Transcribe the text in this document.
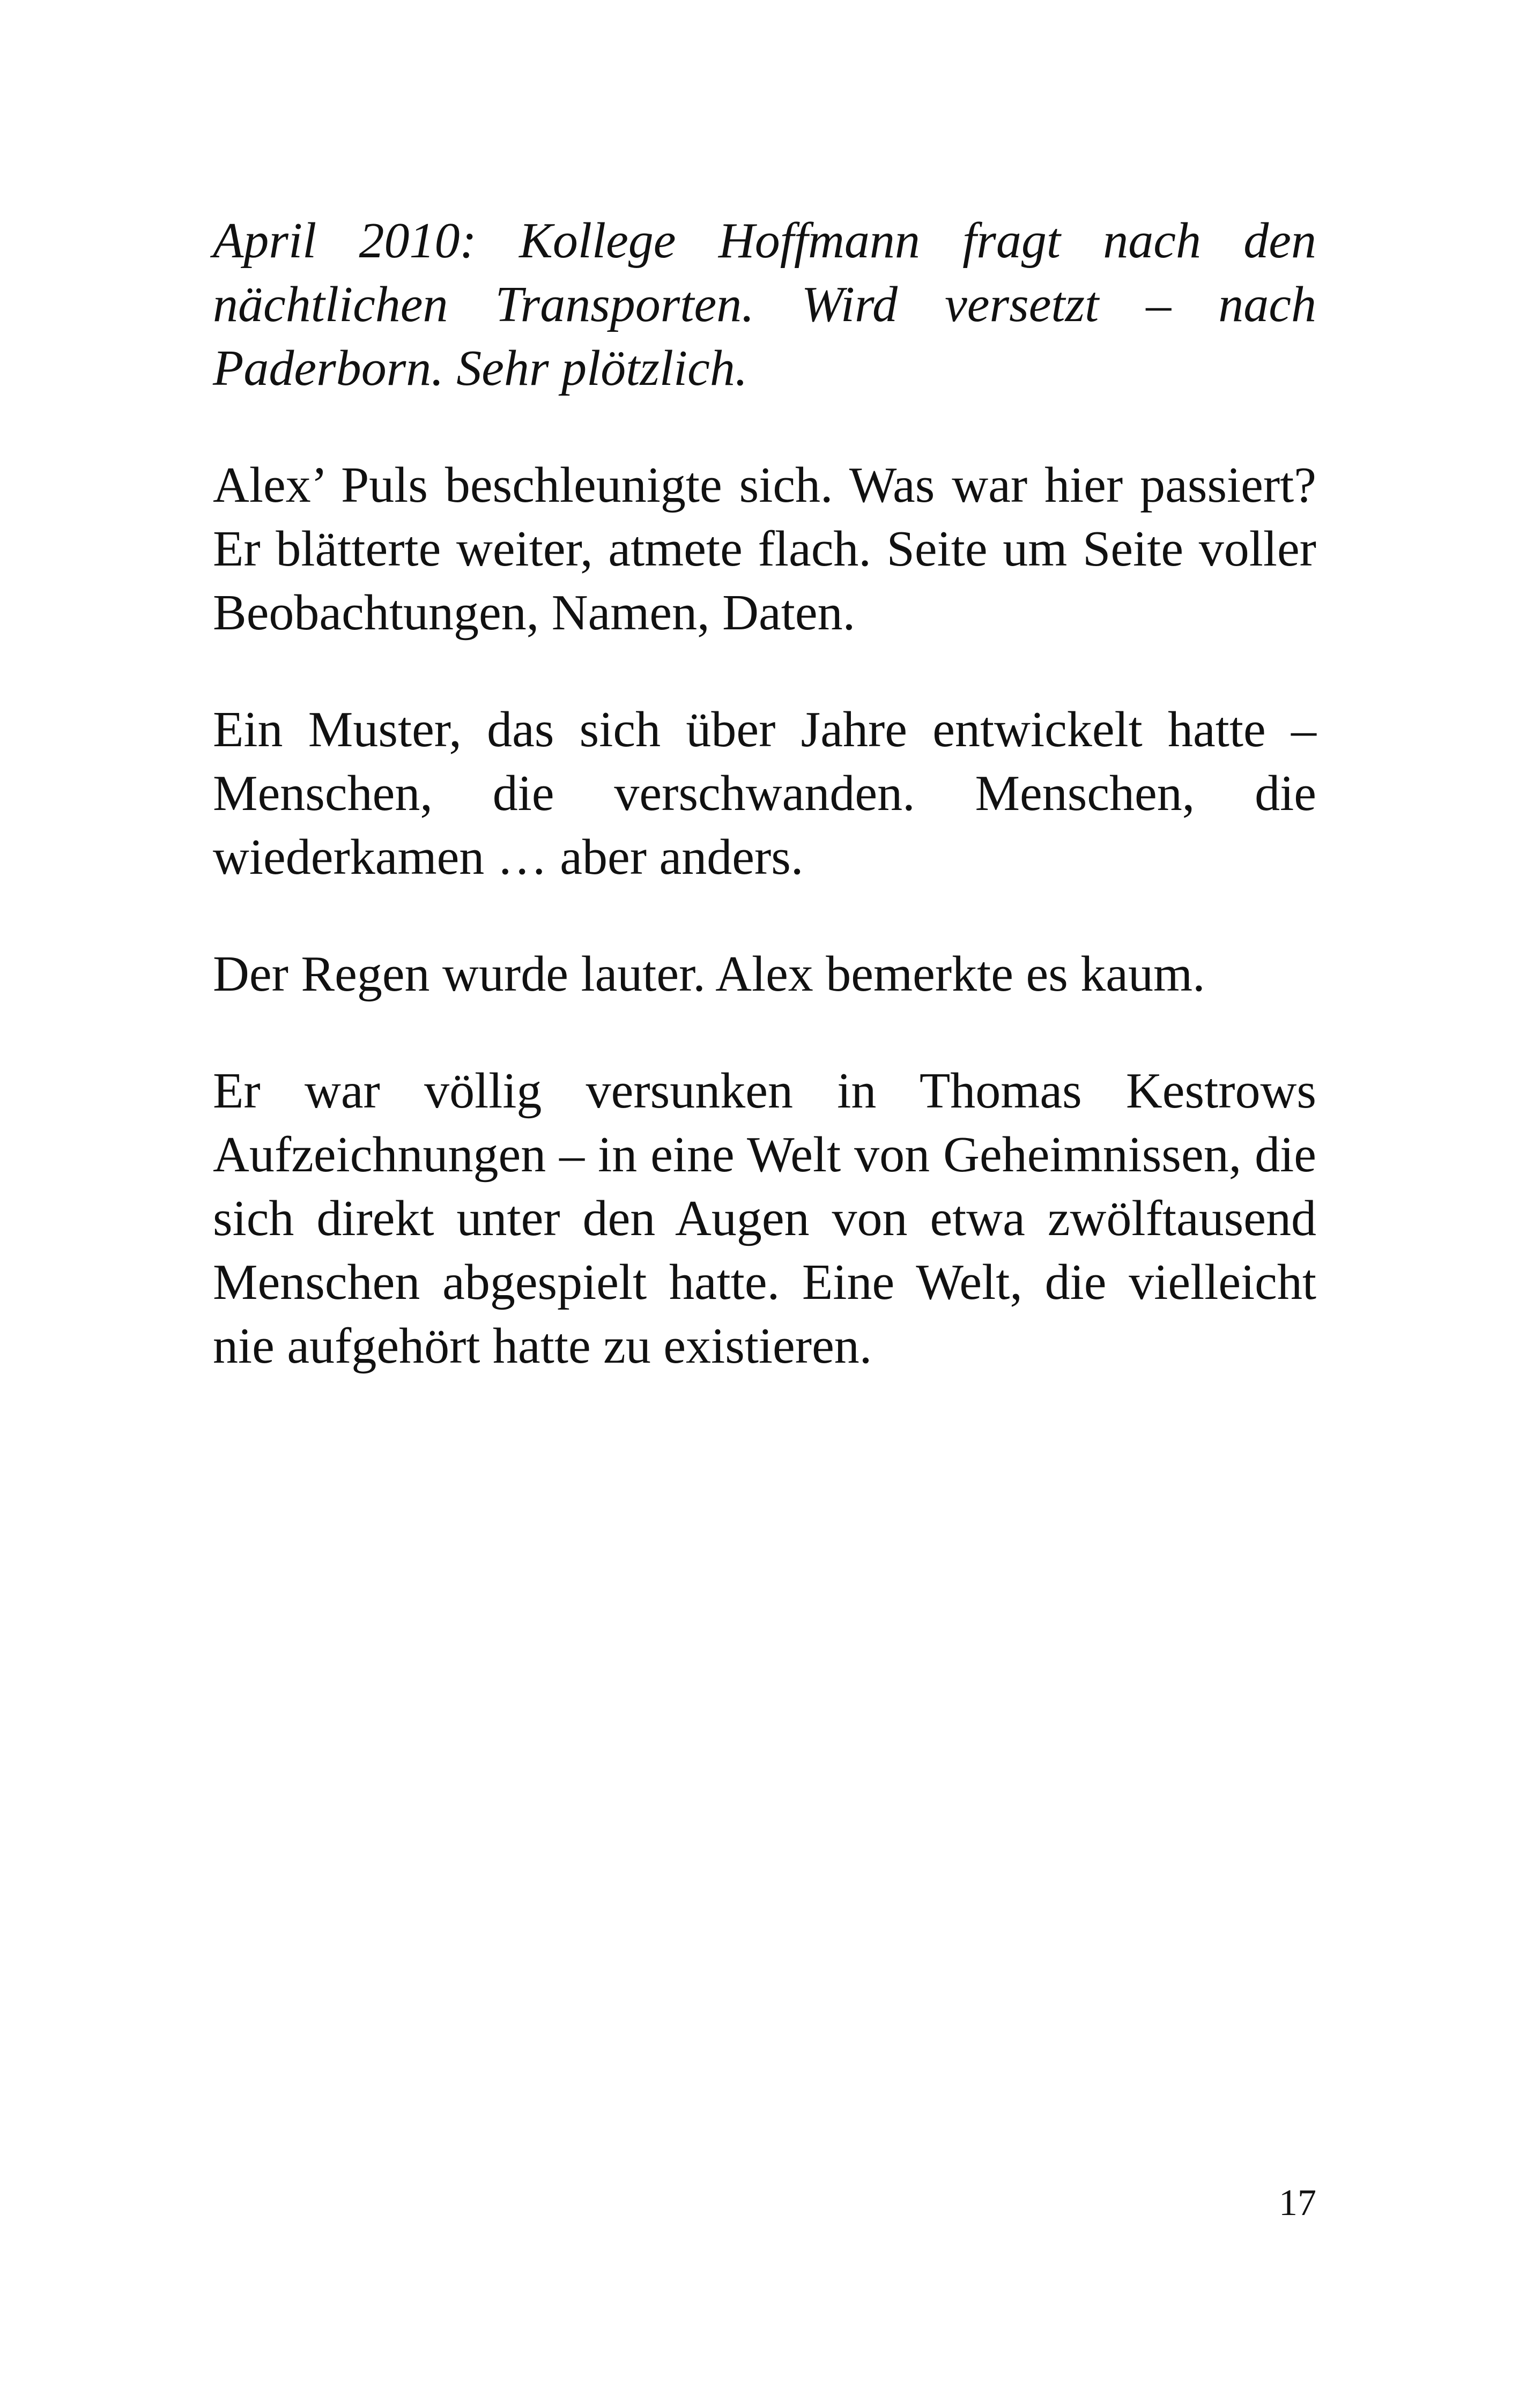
April 2010: Kollege Hoffmann fragt nach den nächtlichen Transporten. Wird versetzt – nach Paderborn. Sehr plötzlich.

Alex’ Puls beschleunigte sich. Was war hier passiert? Er blätterte weiter, atmete flach. Seite um Seite voller Beobachtungen, Namen, Daten.

Ein Muster, das sich über Jahre entwickelt hatte – Menschen, die verschwanden. Menschen, die wiederkamen … aber anders.

Der Regen wurde lauter. Alex bemerkte es kaum.

Er war völlig versunken in Thomas Kestrows Aufzeichnungen – in eine Welt von Geheimnissen, die sich direkt unter den Augen von etwa zwölftausend Menschen abgespielt hatte. Eine Welt, die vielleicht nie aufgehört hatte zu existieren.

17
